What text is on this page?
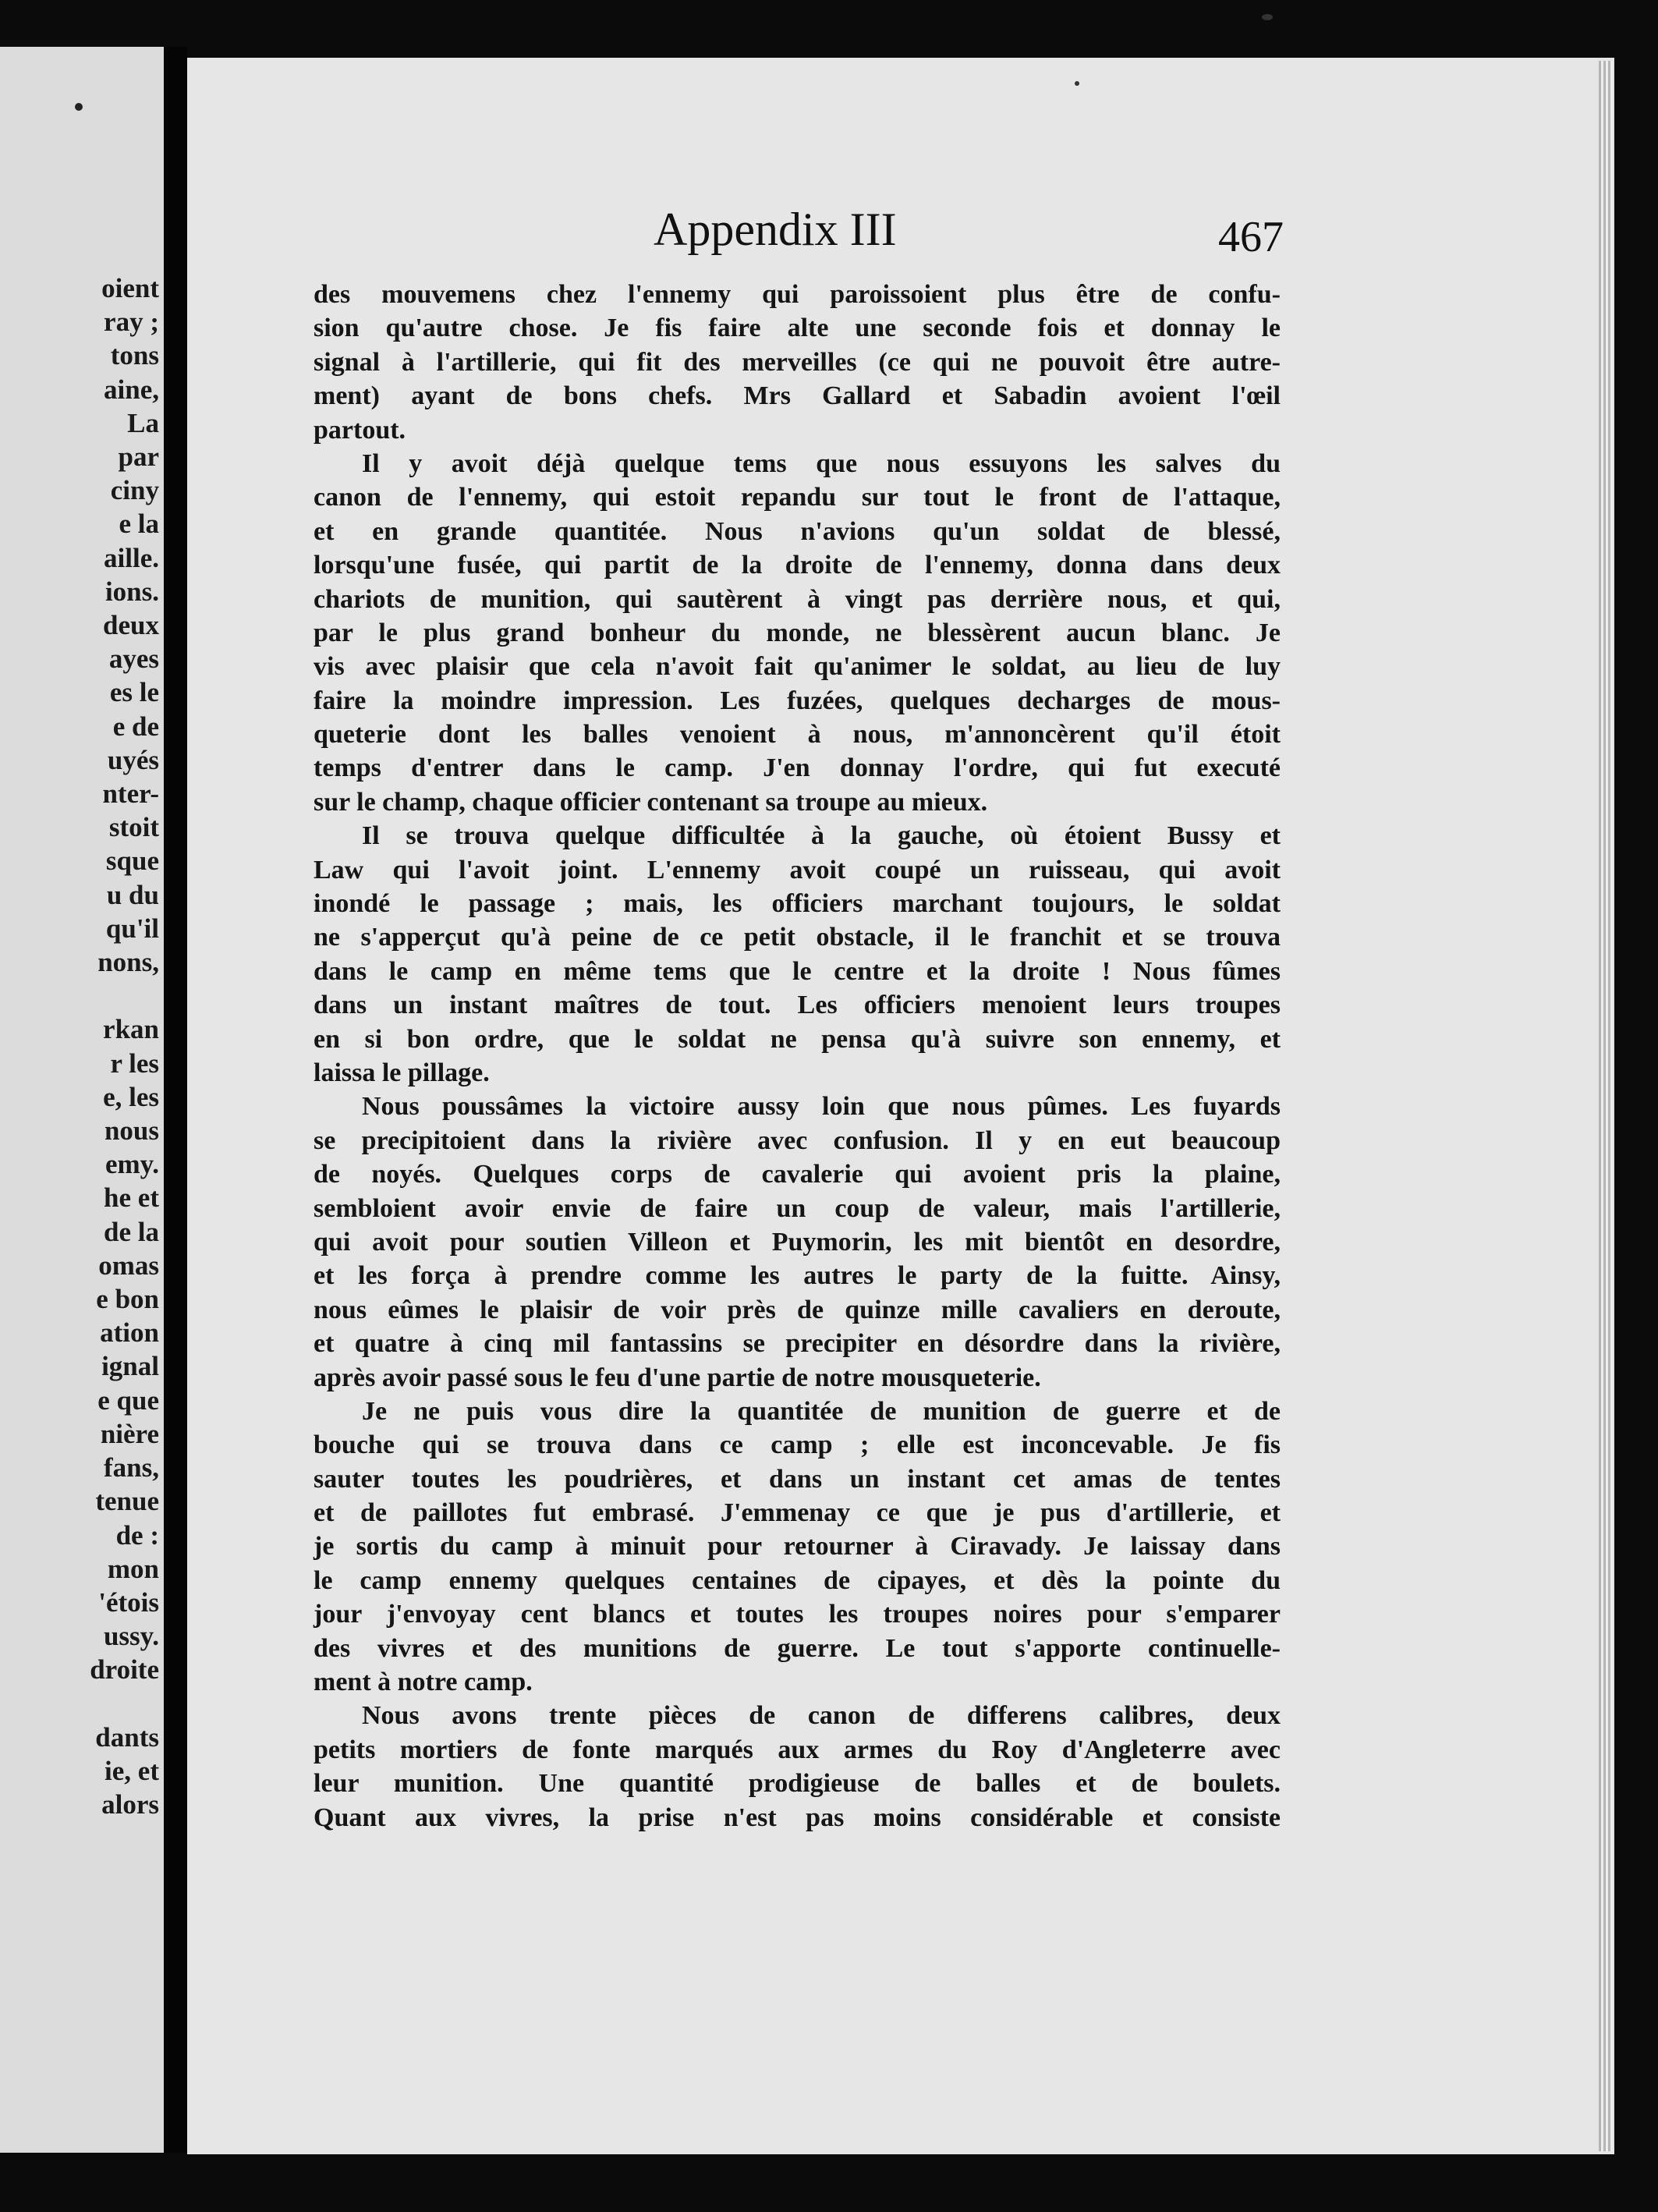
oient
ray ;
tons
aine,
La
par
ciny
e la
aille.
ions.
deux
ayes
es le
e de
uyés
nter-
stoit
sque
u du
qu'il
nons,
rkan
r les
e, les
nous
emy.
he et
de la
omas
e bon
ation
ignal
e que
nière
fans,
tenue
de :
mon
'étois
ussy.
droite
dants
ie, et
alors
Appendix III	467
des mouvemens chez l'ennemy qui paroissoient plus être de confu-
sion qu'autre chose. Je fis faire alte une seconde fois et donnay le
signal à l'artillerie, qui fit des merveilles (ce qui ne pouvoit être autre-
ment) ayant de bons chefs. Mrs Gallard et Sabadin avoient l'œil
partout.
Il y avoit déjà quelque tems que nous essuyons les salves du
canon de l'ennemy, qui estoit repandu sur tout le front de l'attaque,
et en grande quantitée. Nous n'avions qu'un soldat de blessé,
lorsqu'une fusée, qui partit de la droite de l'ennemy, donna dans deux
chariots de munition, qui sautèrent à vingt pas derrière nous, et qui,
par le plus grand bonheur du monde, ne blessèrent aucun blanc. Je
vis avec plaisir que cela n'avoit fait qu'animer le soldat, au lieu de luy
faire la moindre impression. Les fuzées, quelques decharges de mous-
queterie dont les balles venoient à nous, m'annoncèrent qu'il étoit
temps d'entrer dans le camp. J'en donnay l'ordre, qui fut executé
sur le champ, chaque officier contenant sa troupe au mieux.
Il se trouva quelque difficultée à la gauche, où étoient Bussy et
Law qui l'avoit joint. L'ennemy avoit coupé un ruisseau, qui avoit
inondé le passage ; mais, les officiers marchant toujours, le soldat
ne s'apperçut qu'à peine de ce petit obstacle, il le franchit et se trouva
dans le camp en même tems que le centre et la droite ! Nous fûmes
dans un instant maîtres de tout. Les officiers menoient leurs troupes
en si bon ordre, que le soldat ne pensa qu'à suivre son ennemy, et
laissa le pillage.
Nous poussâmes la victoire aussy loin que nous pûmes. Les fuyards
se precipitoient dans la rivière avec confusion. Il y en eut beaucoup
de noyés. Quelques corps de cavalerie qui avoient pris la plaine,
sembloient avoir envie de faire un coup de valeur, mais l'artillerie,
qui avoit pour soutien Villeon et Puymorin, les mit bientôt en desordre,
et les força à prendre comme les autres le party de la fuitte. Ainsy,
nous eûmes le plaisir de voir près de quinze mille cavaliers en deroute,
et quatre à cinq mil fantassins se precipiter en désordre dans la rivière,
après avoir passé sous le feu d'une partie de notre mousqueterie.
Je ne puis vous dire la quantitée de munition de guerre et de
bouche qui se trouva dans ce camp ; elle est inconcevable. Je fis
sauter toutes les poudrières, et dans un instant cet amas de tentes
et de paillotes fut embrasé. J'emmenay ce que je pus d'artillerie, et
je sortis du camp à minuit pour retourner à Ciravady. Je laissay dans
le camp ennemy quelques centaines de cipayes, et dès la pointe du
jour j'envoyay cent blancs et toutes les troupes noires pour s'emparer
des vivres et des munitions de guerre. Le tout s'apporte continuelle-
ment à notre camp.
Nous avons trente pièces de canon de differens calibres, deux
petits mortiers de fonte marqués aux armes du Roy d'Angleterre avec
leur munition. Une quantité prodigieuse de balles et de boulets.
Quant aux vivres, la prise n'est pas moins considérable et consiste
